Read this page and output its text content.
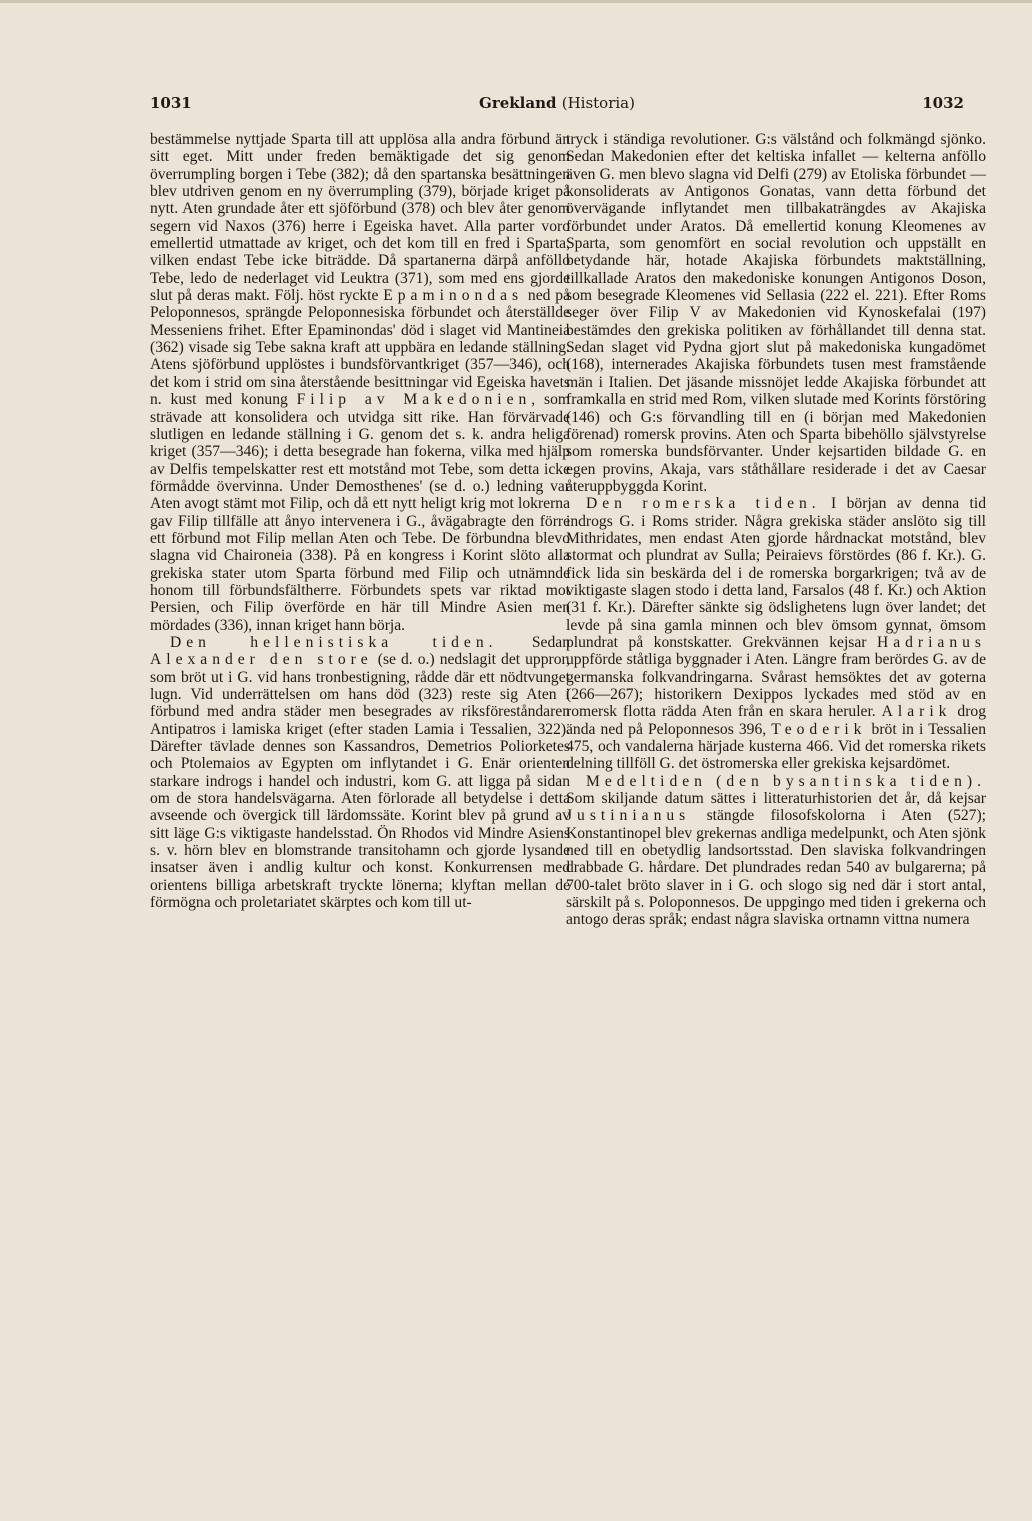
1031	Grekland (Historia)	1032

bestämmelse nyttjade Sparta till att upplösa alla andra förbund än sitt eget. Mitt under freden bemäktigade det sig genom överrumpling borgen i Tebe (382); då den spartanska besättningen blev utdriven genom en ny överrumpling (379), började kriget på nytt. Aten grundade åter ett sjöförbund (378) och blev åter genom segern vid Naxos (376) herre i Egeiska havet. Alla parter voro emellertid utmattade av kriget, och det kom till en fred i Sparta, vilken endast Tebe icke biträdde. Då spartanerna därpå anföllo Tebe, ledo de nederlaget vid Leuktra (371), som med ens gjorde slut på deras makt. Följ. höst ryckte Epaminondas ned på Peloponnesos, sprängde Peloponnesiska förbundet och återställde Messeniens frihet. Efter Epaminondas' död i slaget vid Mantineia (362) visade sig Tebe sakna kraft att uppbära en ledande ställning. Atens sjöförbund upplöstes i bundsförvantkriget (357—346), och det kom i strid om sina återstående besittningar vid Egeiska havets n. kust med konung Filip av Makedonien, som strävade att konsolidera och utvidga sitt rike. Han förvärvade slutligen en ledande ställning i G. genom det s. k. andra heliga kriget (357—346); i detta besegrade han fokerna, vilka med hjälp av Delfis tempelskatter rest ett motstånd mot Tebe, som detta icke förmådde övervinna. Under Demosthenes' (se d. o.) ledning var Aten avogt stämt mot Filip, och då ett nytt heligt krig mot lokrerna gav Filip tillfälle att ånyo intervenera i G., åvägabragte den förre ett förbund mot Filip mellan Aten och Tebe. De förbundna blevo slagna vid Chaironeia (338). På en kongress i Korint slöto alla grekiska stater utom Sparta förbund med Filip och utnämnde honom till förbundsfältherre. Förbundets spets var riktad mot Persien, och Filip överförde en här till Mindre Asien men mördades (336), innan kriget hann börja.

Den hellenistiska tiden. Sedan Alexander den store (se d. o.) nedslagit det uppror, som bröt ut i G. vid hans tronbestigning, rådde där ett nödtvunget lugn. Vid underrättelsen om hans död (323) reste sig Aten i förbund med andra städer men besegrades av riksföreståndaren Antipatros i lamiska kriget (efter staden Lamia i Tessalien, 322). Därefter tävlade dennes son Kassandros, Demetrios Poliorketes och Ptolemaios av Egypten om inflytandet i G. Enär orienten starkare indrogs i handel och industri, kom G. att ligga på sidan om de stora handelsvägarna. Aten förlorade all betydelse i detta avseende och övergick till lärdomssäte. Korint blev på grund av sitt läge G:s viktigaste handelsstad. Ön Rhodos vid Mindre Asiens s. v. hörn blev en blomstrande transitohamn och gjorde lysande insatser även i andlig kultur och konst. Konkurrensen med orientens billiga arbetskraft tryckte lönerna; klyftan mellan de förmögna och proletariatet skärptes och kom till ut-

tryck i ständiga revolutioner. G:s välstånd och folkmängd sjönko. Sedan Makedonien efter det keltiska infallet — kelterna anföllo även G. men blevo slagna vid Delfi (279) av Etoliska förbundet — konsoliderats av Antigonos Gonatas, vann detta förbund det övervägande inflytandet men tillbakaträngdes av Akajiska förbundet under Aratos. Då emellertid konung Kleomenes av Sparta, som genomfört en social revolution och uppställt en betydande här, hotade Akajiska förbundets maktställning, tillkallade Aratos den makedoniske konungen Antigonos Doson, som besegrade Kleomenes vid Sellasia (222 el. 221). Efter Roms seger över Filip V av Makedonien vid Kynoskefalai (197) bestämdes den grekiska politiken av förhållandet till denna stat. Sedan slaget vid Pydna gjort slut på makedoniska kungadömet (168), internerades Akajiska förbundets tusen mest framstående män i Italien. Det jäsande missnöjet ledde Akajiska förbundet att framkalla en strid med Rom, vilken slutade med Korints förstöring (146) och G:s förvandling till en (i början med Makedonien förenad) romersk provins. Aten och Sparta bibehöllo självstyrelse som romerska bundsförvanter. Under kejsartiden bildade G. en egen provins, Akaja, vars ståthållare residerade i det av Caesar återuppbyggda Korint.

Den romerska tiden. I början av denna tid indrogs G. i Roms strider. Några grekiska städer anslöto sig till Mithridates, men endast Aten gjorde hårdnackat motstånd, blev stormat och plundrat av Sulla; Peiraievs förstördes (86 f. Kr.). G. fick lida sin beskärda del i de romerska borgarkrigen; två av de viktigaste slagen stodo i detta land, Farsalos (48 f. Kr.) och Aktion (31 f. Kr.). Därefter sänkte sig ödslighetens lugn över landet; det levde på sina gamla minnen och blev ömsom gynnat, ömsom plundrat på konstskatter. Grekvännen kejsar Hadrianus uppförde ståtliga byggnader i Aten. Längre fram berördes G. av de germanska folkvandringarna. Svårast hemsöktes det av goterna (266—267); historikern Dexippos lyckades med stöd av en romersk flotta rädda Aten från en skara heruler. Alarik drog ända ned på Peloponnesos 396, Teoderik bröt in i Tessalien 475, och vandalerna härjade kusterna 466. Vid det romerska rikets delning tillföll G. det östromerska eller grekiska kejsardömet.

Medeltiden (den bysantinska tiden). Som skiljande datum sättes i litteraturhistorien det år, då kejsar Justinianus stängde filosofskolorna i Aten (527); Konstantinopel blev grekernas andliga medelpunkt, och Aten sjönk ned till en obetydlig landsortsstad. Den slaviska folkvandringen drabbade G. hårdare. Det plundrades redan 540 av bulgarerna; på 700-talet bröto slaver in i G. och slogo sig ned där i stort antal, särskilt på s. Poloponnesos. De uppgingo med tiden i grekerna och antogo deras språk; endast några slaviska ortnamn vittna numera
